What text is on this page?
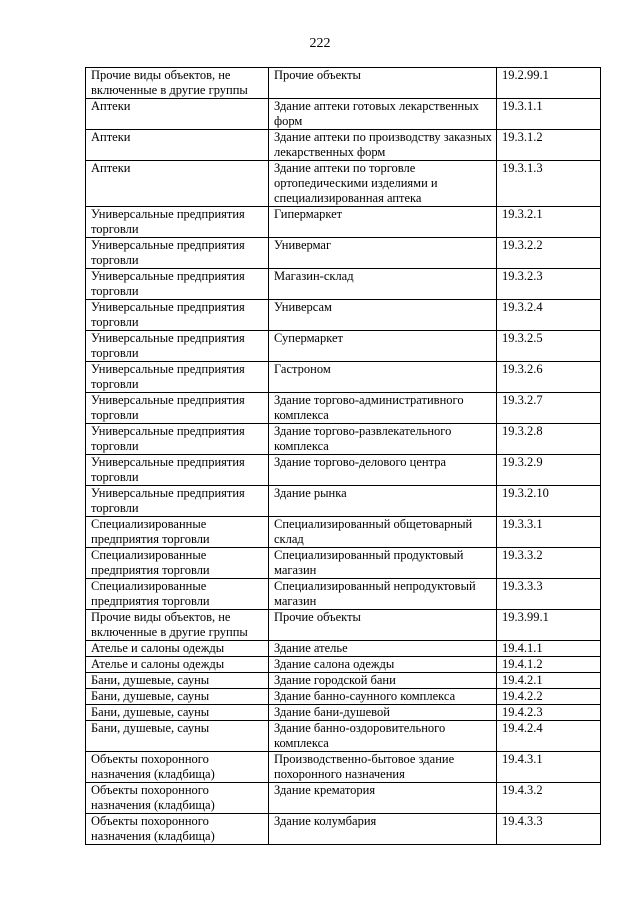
222
Прочие виды объектов, не включенные в другие группы	Прочие объекты	19.2.99.1
Аптеки	Здание аптеки готовых лекарственных форм	19.3.1.1
Аптеки	Здание аптеки по производству заказных лекарственных форм	19.3.1.2
Аптеки	Здание аптеки по торговле ортопедическими изделиями и специализированная аптека	19.3.1.3
Универсальные предприятия торговли	Гипермаркет	19.3.2.1
Универсальные предприятия торговли	Универмаг	19.3.2.2
Универсальные предприятия торговли	Магазин-склад	19.3.2.3
Универсальные предприятия торговли	Универсам	19.3.2.4
Универсальные предприятия торговли	Супермаркет	19.3.2.5
Универсальные предприятия торговли	Гастроном	19.3.2.6
Универсальные предприятия торговли	Здание торгово-административного комплекса	19.3.2.7
Универсальные предприятия торговли	Здание торгово-развлекательного комплекса	19.3.2.8
Универсальные предприятия торговли	Здание торгово-делового центра	19.3.2.9
Универсальные предприятия торговли	Здание рынка	19.3.2.10
Специализированные предприятия торговли	Специализированный общетоварный склад	19.3.3.1
Специализированные предприятия торговли	Специализированный продуктовый магазин	19.3.3.2
Специализированные предприятия торговли	Специализированный непродуктовый магазин	19.3.3.3
Прочие виды объектов, не включенные в другие группы	Прочие объекты	19.3.99.1
Ателье и салоны одежды	Здание ателье	19.4.1.1
Ателье и салоны одежды	Здание салона одежды	19.4.1.2
Бани, душевые, сауны	Здание городской бани	19.4.2.1
Бани, душевые, сауны	Здание банно-саунного комплекса	19.4.2.2
Бани, душевые, сауны	Здание бани-душевой	19.4.2.3
Бани, душевые, сауны	Здание банно-оздоровительного комплекса	19.4.2.4
Объекты похоронного назначения (кладбища)	Производственно-бытовое здание похоронного назначения	19.4.3.1
Объекты похоронного назначения (кладбища)	Здание крематория	19.4.3.2
Объекты похоронного назначения (кладбища)	Здание колумбария	19.4.3.3
